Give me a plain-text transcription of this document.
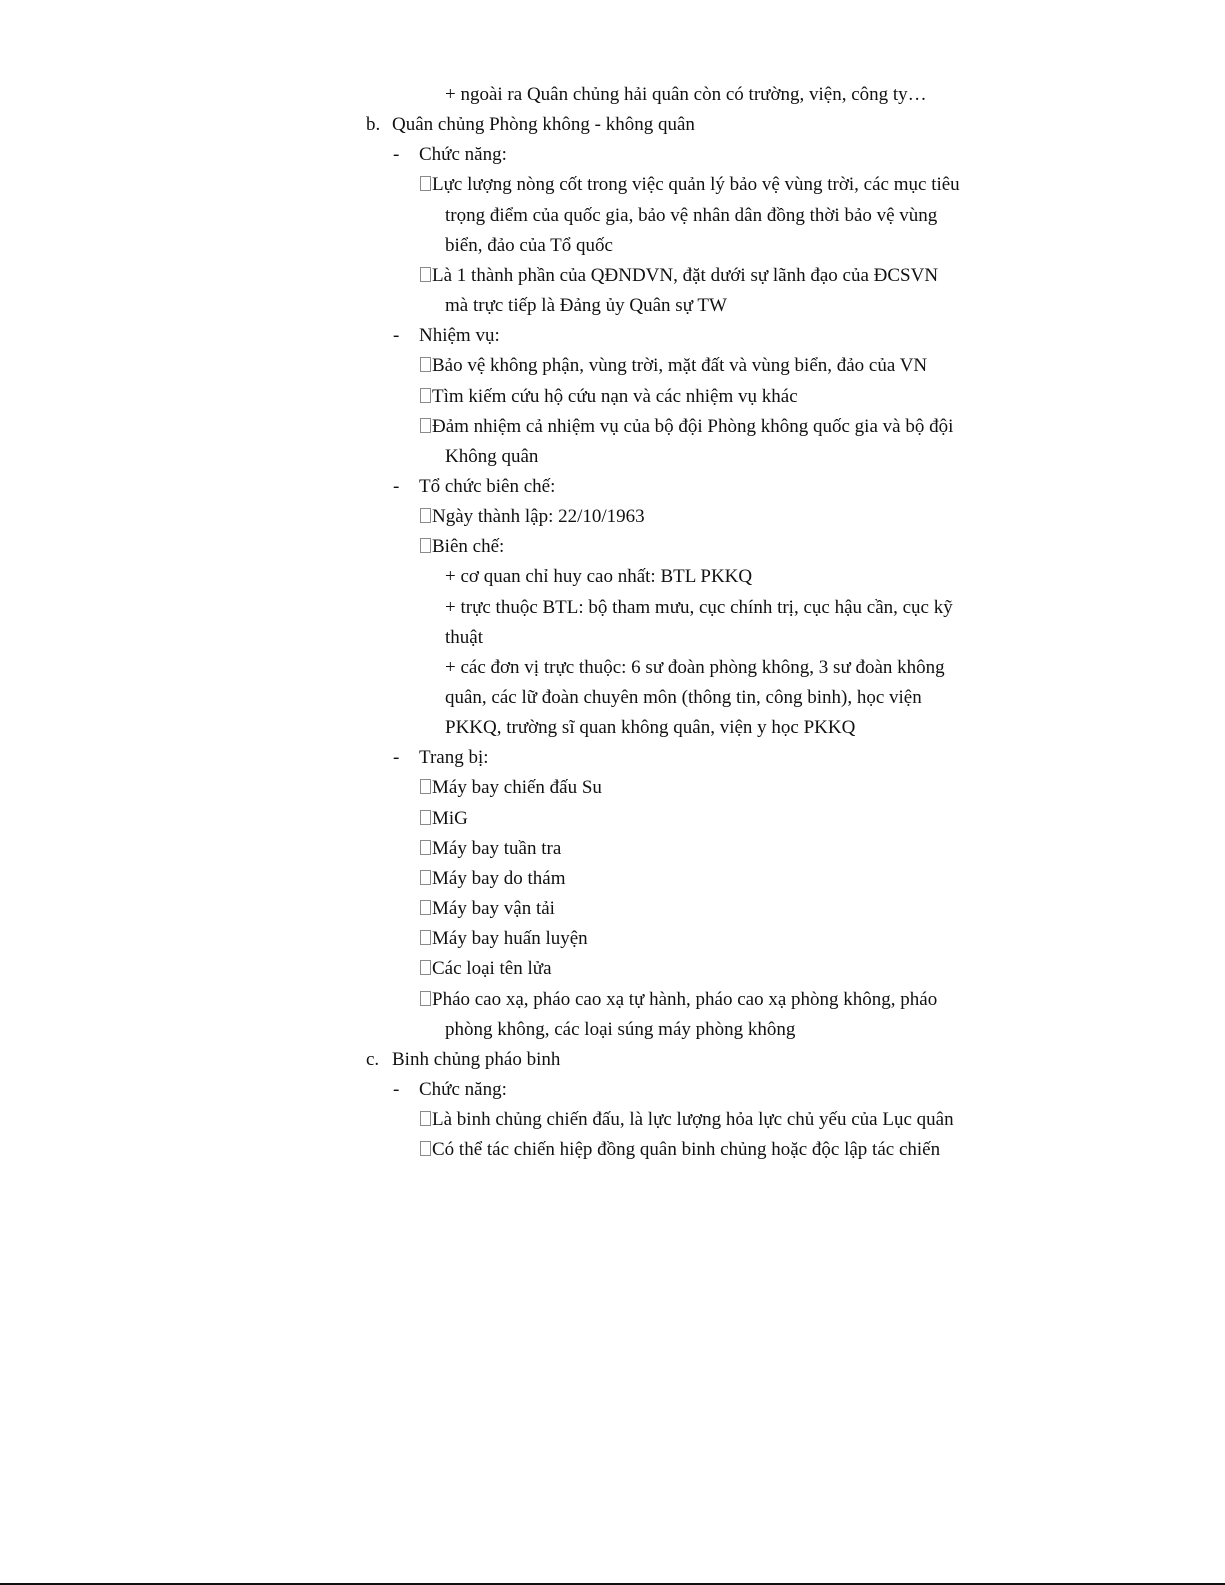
+ ngoài ra Quân chủng hải quân còn có trường, viện, công ty…
b. Quân chủng Phòng không - không quân
- Chức năng:
Lực lượng nòng cốt trong việc quản lý bảo vệ vùng trời, các mục tiêu
trọng điểm của quốc gia, bảo vệ nhân dân đồng thời bảo vệ vùng
biển, đảo của Tổ quốc
Là 1 thành phần của QĐNDVN, đặt dưới sự lãnh đạo của ĐCSVN
mà trực tiếp là Đảng ủy Quân sự TW
- Nhiệm vụ:
Bảo vệ không phận, vùng trời, mặt đất và vùng biển, đảo của VN
Tìm kiếm cứu hộ cứu nạn và các nhiệm vụ khác
Đảm nhiệm cả nhiệm vụ của bộ đội Phòng không quốc gia và bộ đội
Không quân
- Tổ chức biên chế:
Ngày thành lập: 22/10/1963
Biên chế:
+ cơ quan chỉ huy cao nhất: BTL PKKQ
+ trực thuộc BTL: bộ tham mưu, cục chính trị, cục hậu cần, cục kỹ
thuật
+ các đơn vị trực thuộc: 6 sư đoàn phòng không, 3 sư đoàn không
quân, các lữ đoàn chuyên môn (thông tin, công binh), học viện
PKKQ, trường sĩ quan không quân, viện y học PKKQ
- Trang bị:
Máy bay chiến đấu Su
MiG
Máy bay tuần tra
Máy bay do thám
Máy bay vận tải
Máy bay huấn luyện
Các loại tên lửa
Pháo cao xạ, pháo cao xạ tự hành, pháo cao xạ phòng không, pháo
phòng không, các loại súng máy phòng không
c. Binh chủng pháo binh
- Chức năng:
Là binh chủng chiến đấu, là lực lượng hỏa lực chủ yếu của Lục quân
Có thể tác chiến hiệp đồng quân binh chủng hoặc độc lập tác chiến
